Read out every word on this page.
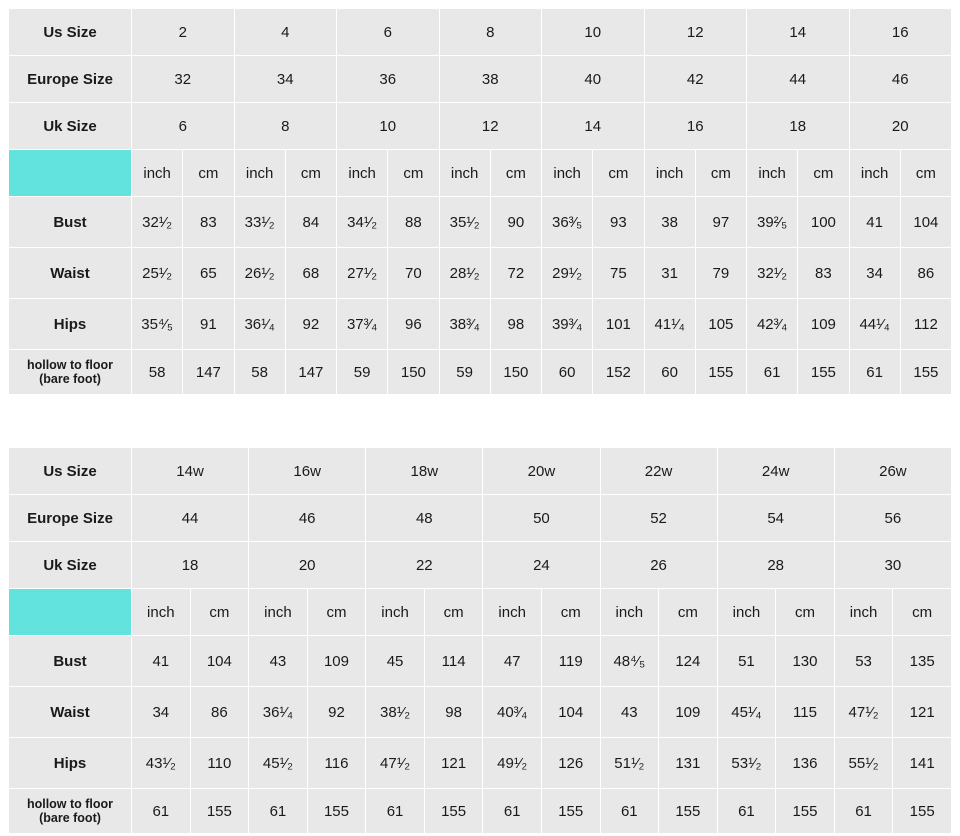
Us Size	2		4		6		8		10		12		14		16	
Europe Size	32		34		36		38		40		42		44		46	
Uk Size	6		8		10		12		14		16		18		20	
	inch	cm	inch	cm	inch	cm	inch	cm	inch	cm	inch	cm	inch	cm	inch	cm
Bust	32¹⁄₂	83	33¹⁄₂	84	34¹⁄₂	88	35¹⁄₂	90	36³⁄₅	93	38	97	39²⁄₅	100	41	104
Waist	25¹⁄₂	65	26¹⁄₂	68	27¹⁄₂	70	28¹⁄₂	72	29¹⁄₂	75	31	79	32¹⁄₂	83	34	86
Hips	35⁴⁄₅	91	36¹⁄₄	92	37³⁄₄	96	38³⁄₄	98	39³⁄₄	101	41¹⁄₄	105	42³⁄₄	109	44¹⁄₄	112

hollow to floor
(bare foot)	58	147	58	147	59	150	59	150	60	152	60	155	61	155	61	155
Us Size	14w		16w		18w		20w		22w		24w		26w	
Europe Size	44		46		48		50		52		54		56	
Uk Size	18		20		22		24		26		28		30	
	inch	cm	inch	cm	inch	cm	inch	cm	inch	cm	inch	cm	inch	cm
Bust	41	104	43	109	45	114	47	119	48⁴⁄₅	124	51	130	53	135
Waist	34	86	36¹⁄₄	92	38¹⁄₂	98	40³⁄₄	104	43	109	45¹⁄₄	115	47¹⁄₂	121
Hips	43¹⁄₂	110	45¹⁄₂	116	47¹⁄₂	121	49¹⁄₂	126	51¹⁄₂	131	53¹⁄₂	136	55¹⁄₂	141

hollow to floor
(bare foot)	61	155	61	155	61	155	61	155	61	155	61	155	61	155
